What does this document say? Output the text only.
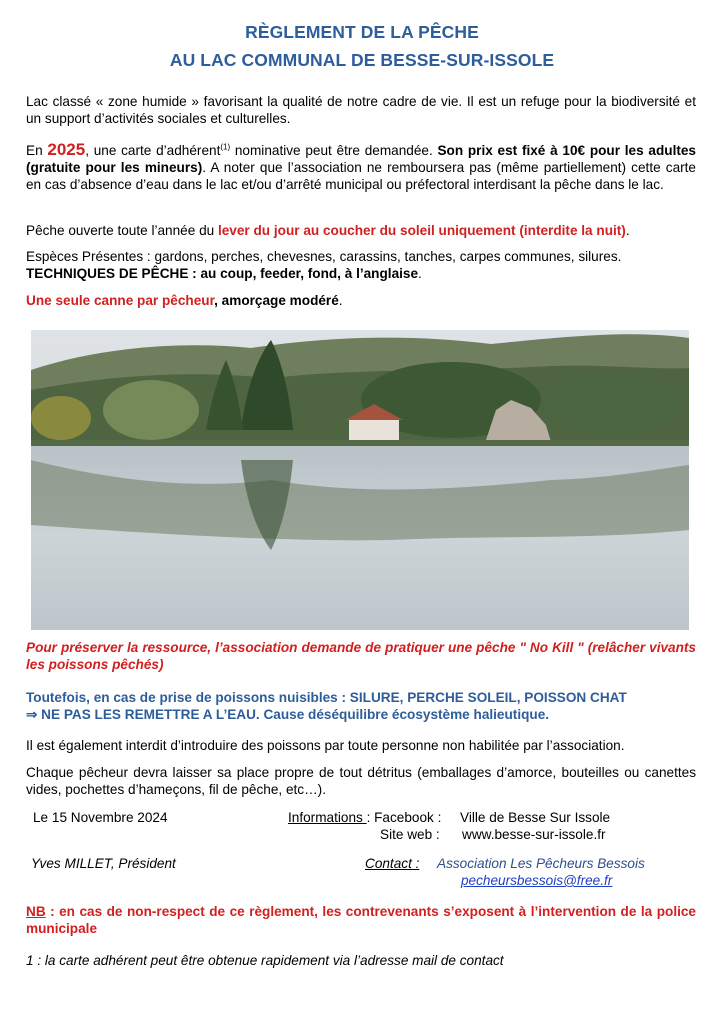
RÈGLEMENT DE LA PÊCHE
AU LAC COMMUNAL DE BESSE-SUR-ISSOLE
Lac classé « zone humide » favorisant la qualité de notre cadre de vie. Il est un refuge pour la biodiversité et un support d’activités sociales et culturelles.
En 2025, une carte d’adhérent$^{(1)}$ nominative peut être demandée. Son prix est fixé à 10€ pour les adultes (gratuite pour les mineurs). A noter que l’association ne remboursera pas (même partiellement) cette carte en cas d’absence d’eau dans le lac et/ou d’arrêté municipal ou préfectoral interdisant la pêche dans le lac.
Pêche ouverte toute l’année du lever du jour au coucher du soleil uniquement (interdite la nuit).
Espèces Présentes : gardons, perches, chevesnes, carassins, tanches, carpes communes, silures.
TECHNIQUES DE PÊCHE : au coup, feeder, fond, à l’anglaise.
Une seule canne par pêcheur, amorçage modéré.
Pour préserver la ressource, l’association demande de pratiquer une pêche " No Kill " (relâcher vivants les poissons pêchés)
Toutefois, en cas de prise de poissons nuisibles : SILURE, PERCHE SOLEIL, POISSON CHAT
⇒ NE PAS LES REMETTRE A L’EAU. Cause déséquilibre écosystème halieutique.
Il est également interdit d’introduire des poissons par toute personne non habilitée par l’association.
Chaque pêcheur devra laisser sa place propre de tout détritus (emballages d’amorce, bouteilles ou canettes vides, pochettes d’hameçons, fil de pêche, etc…).
Le 15 Novembre 2024	Informations : Facebook : Ville de Besse Sur Issole
Site web : www.besse-sur-issole.fr
Yves MILLET, Président	Contact : Association Les Pêcheurs Bessois
pecheursbessois@free.fr
NB : en cas de non-respect de ce règlement, les contrevenants s’exposent à l’intervention de la police municipale
1 : la carte adhérent peut être obtenue rapidement via l’adresse mail de contact
